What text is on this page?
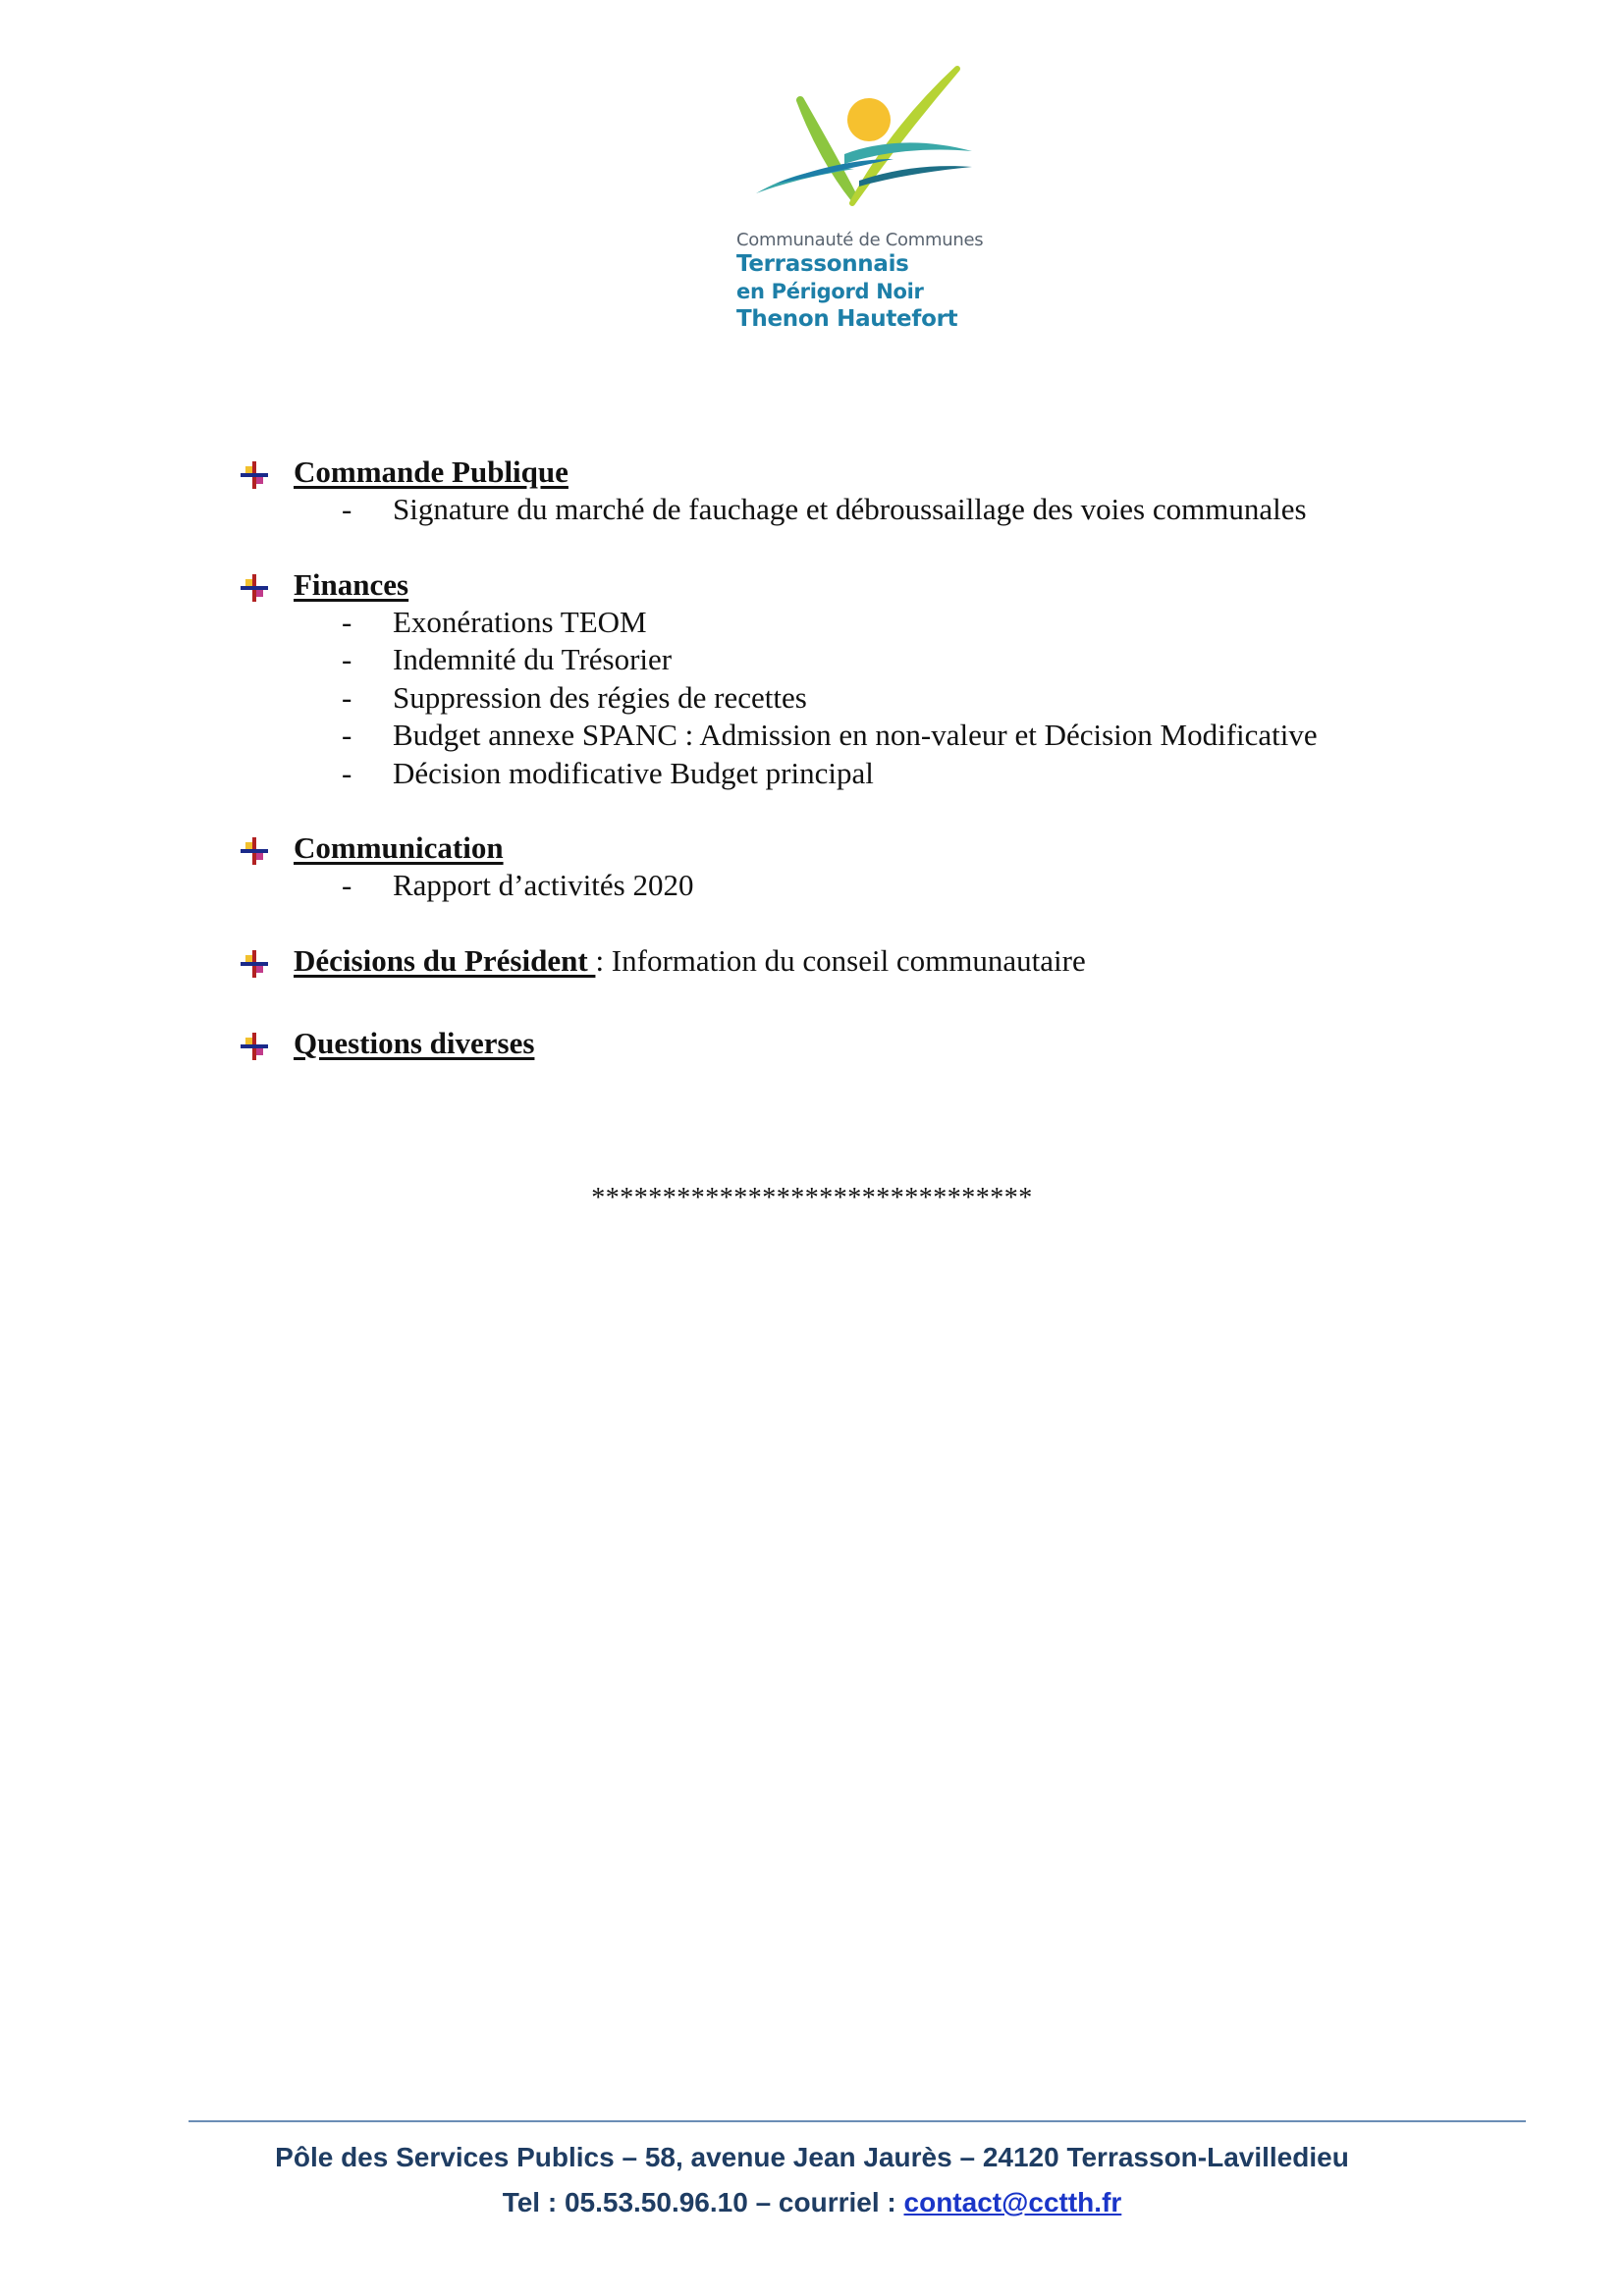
Communauté de Communes
Terrassonnais
en Périgord Noir
Thenon Hautefort
Commande Publique
- Signature du marché de fauchage et débroussaillage des voies communales
Finances
- Exonérations TEOM
- Indemnité du Trésorier
- Suppression des régies de recettes
- Budget annexe SPANC : Admission en non-valeur et Décision Modificative
- Décision modificative Budget principal
Communication
- Rapport d’activités 2020
Décisions du Président : Information du conseil communautaire
Questions diverses
*******************************
Pôle des Services Publics – 58, avenue Jean Jaurès – 24120 Terrasson-Lavilledieu
Tel : 05.53.50.96.10 – courriel : contact@cctth.fr
